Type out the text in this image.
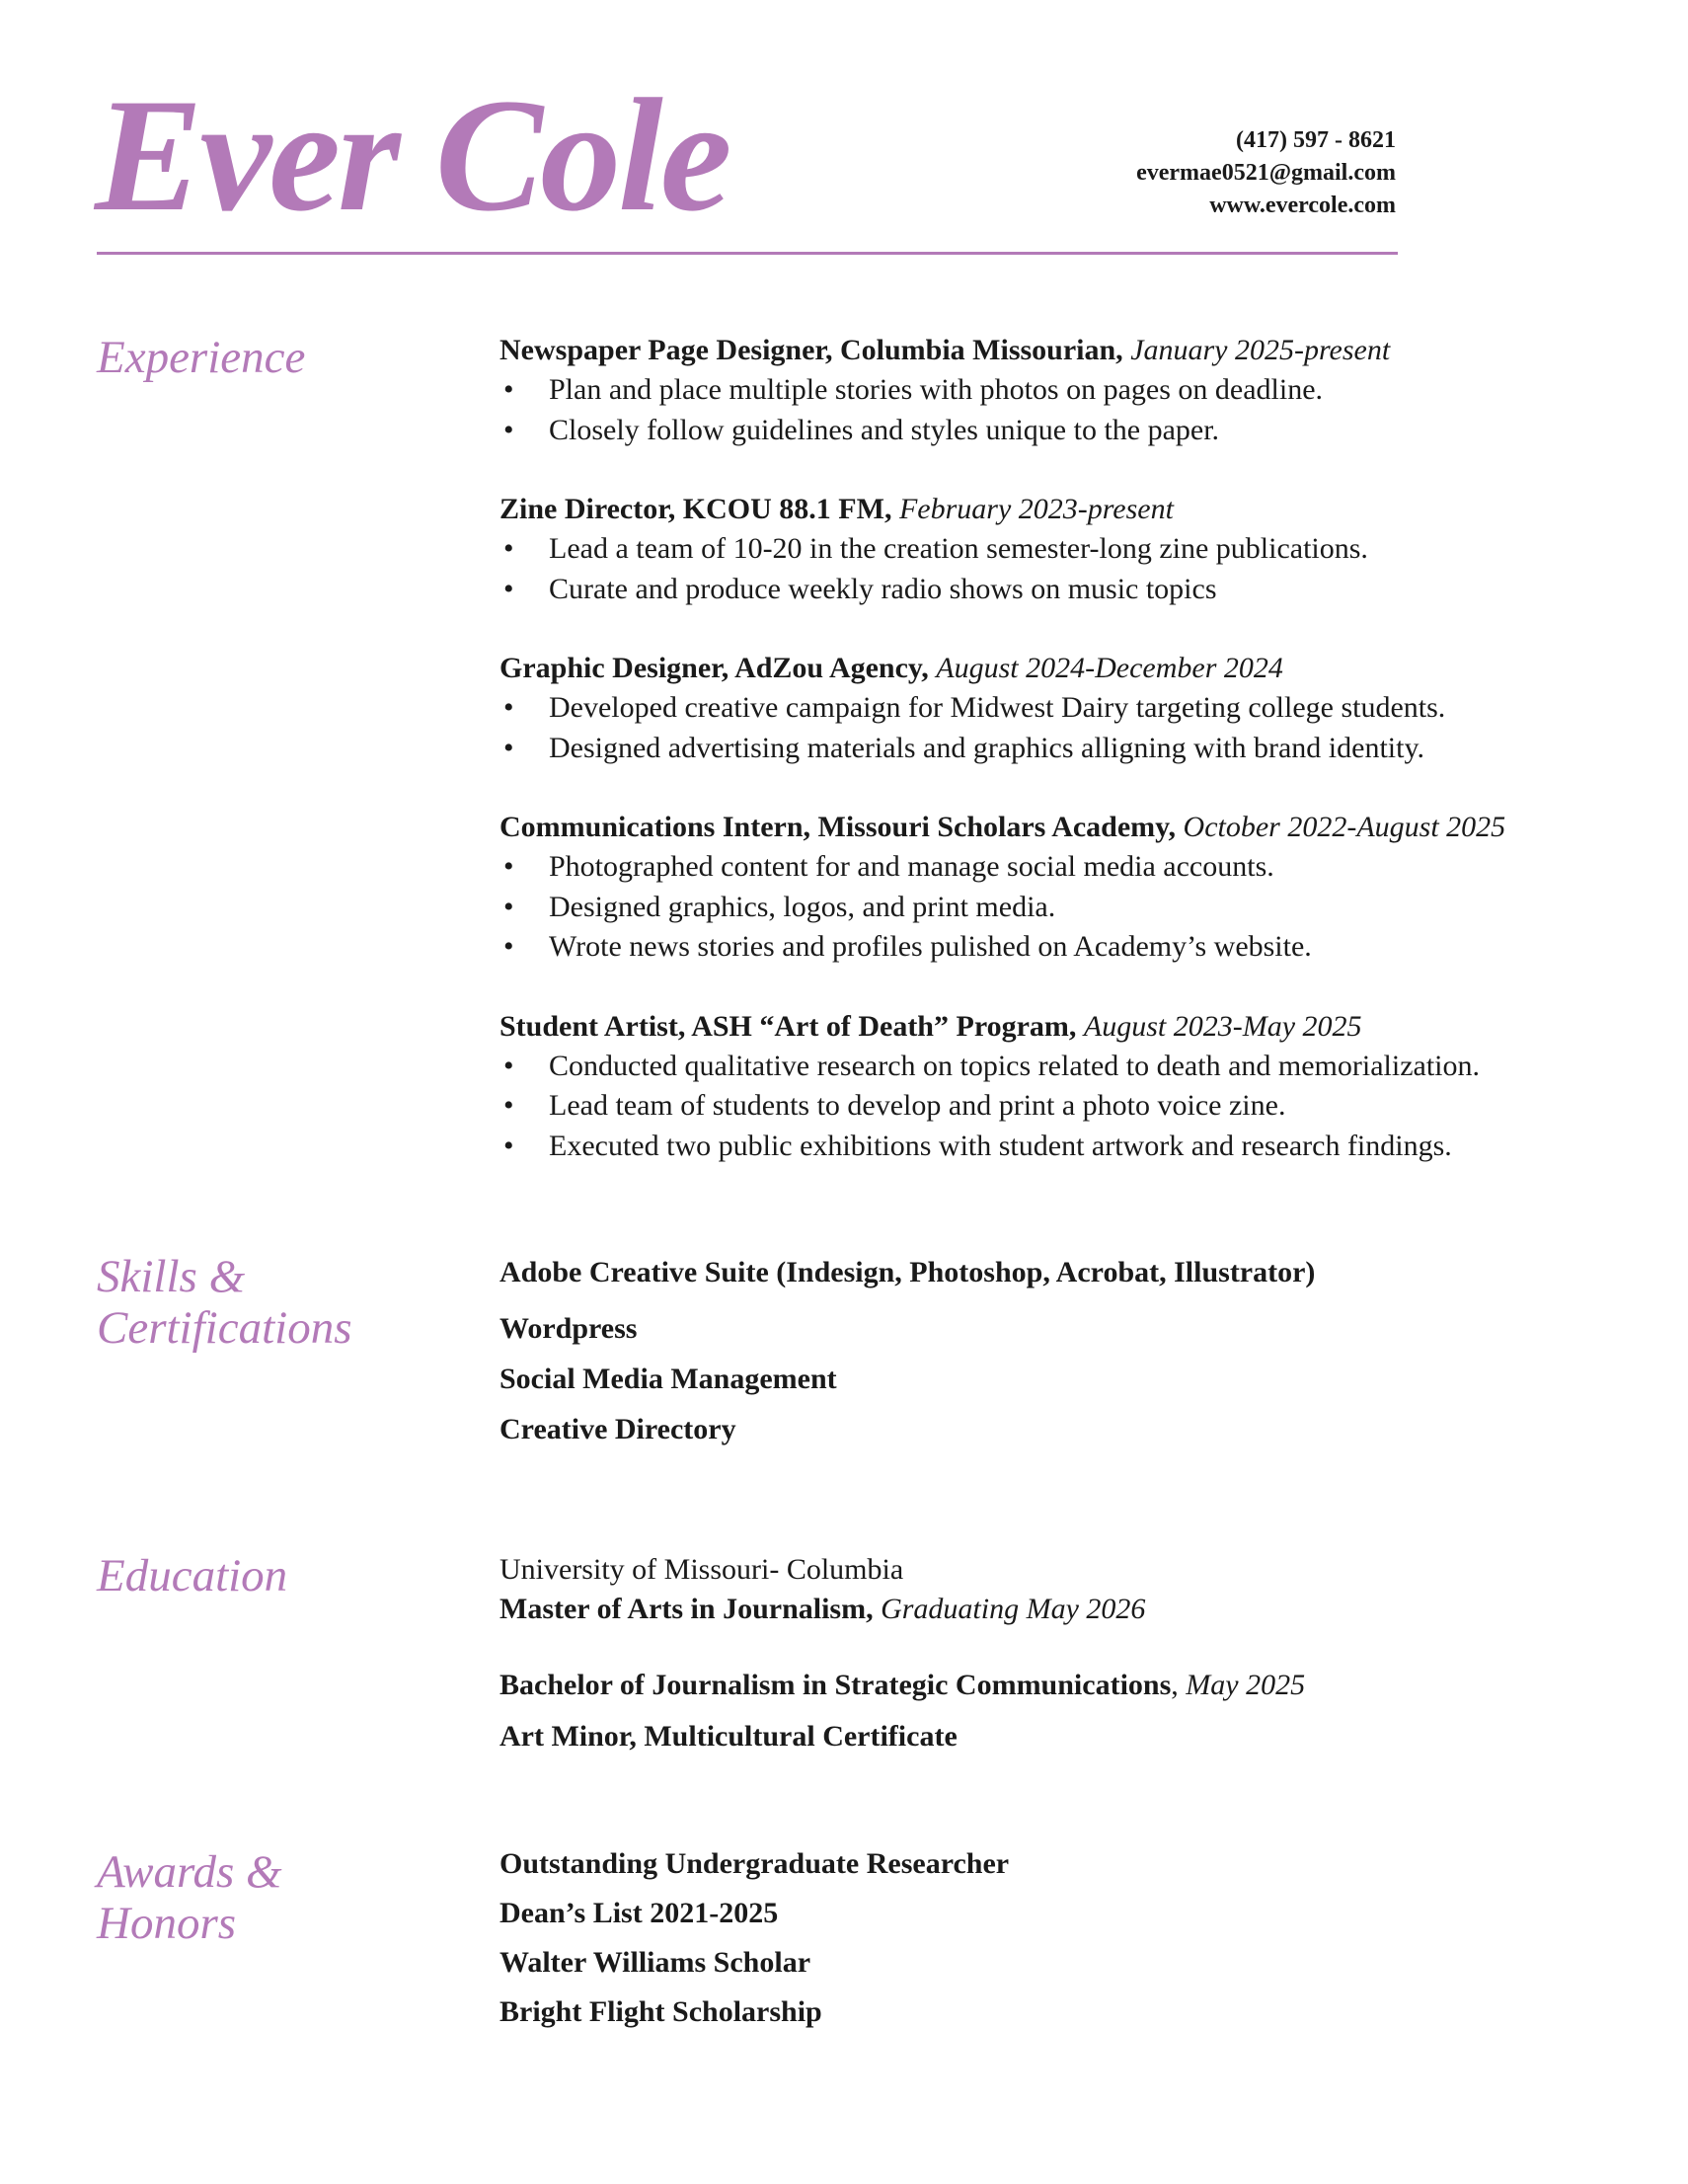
Ever Cole	(417) 597 - 8621
evermae0521@gmail.com
www.evercole.com
Experience	Newspaper Page Designer, Columbia Missourian, January 2025-present
• Plan and place multiple stories with photos on pages on deadline.
• Closely follow guidelines and styles unique to the paper.
Zine Director, KCOU 88.1 FM, February 2023-present
• Lead a team of 10-20 in the creation semester-long zine publications.
• Curate and produce weekly radio shows on music topics
Graphic Designer, AdZou Agency, August 2024-December 2024
• Developed creative campaign for Midwest Dairy targeting college students.
• Designed advertising materials and graphics alligning with brand identity.
Communications Intern, Missouri Scholars Academy, October 2022-August 2025
• Photographed content for and manage social media accounts.
• Designed graphics, logos, and print media.
• Wrote news stories and profiles pulished on Academy’s website.
Student Artist, ASH “Art of Death” Program, August 2023-May 2025
• Conducted qualitative research on topics related to death and memorialization.
• Lead team of students to develop and print a photo voice zine.
• Executed two public exhibitions with student artwork and research findings.
Skills &
Certifications
Adobe Creative Suite (Indesign, Photoshop, Acrobat, Illustrator)
Wordpress
Social Media Management
Creative Directory
Education	University of Missouri- Columbia
Master of Arts in Journalism, Graduating May 2026
Bachelor of Journalism in Strategic Communications, May 2025
Art Minor, Multicultural Certificate
Awards &
Honors
Outstanding Undergraduate Researcher
Dean’s List 2021-2025
Walter Williams Scholar
Bright Flight Scholarship
